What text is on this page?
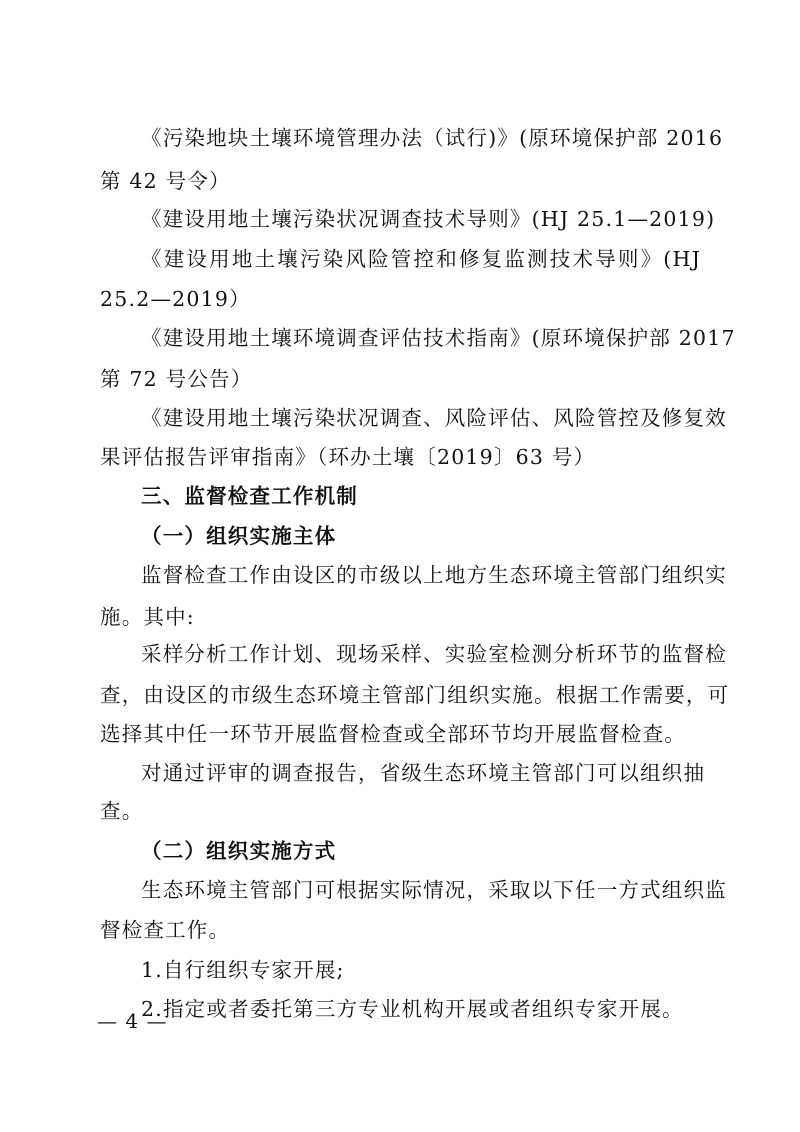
《污染地块土壤环境管理办法（试行)》(原环境保护部 2016
第 42 号令）
《建设用地土壤污染状况调查技术导则》(HJ 25.1—2019)
《建设用地土壤污染风险管控和修复监测技术导则》(HJ
25.2—2019）
《建设用地土壤环境调查评估技术指南》(原环境保护部 2017
第 72 号公告）
《建设用地土壤污染状况调查、风险评估、风险管控及修复效
果评估报告评审指南》（环办土壤〔2019〕63 号）
三、监督检查工作机制
（一）组织实施主体
监督检查工作由设区的市级以上地方生态环境主管部门组织实
施。其中:
采样分析工作计划、现场采样、实验室检测分析环节的监督检
查，由设区的市级生态环境主管部门组织实施。根据工作需要，可
选择其中任一环节开展监督检查或全部环节均开展监督检查。
对通过评审的调查报告，省级生态环境主管部门可以组织抽
查。
（二）组织实施方式
生态环境主管部门可根据实际情况，采取以下任一方式组织监
督检查工作。
1.自行组织专家开展;
2.指定或者委托第三方专业机构开展或者组织专家开展。
— 4 —
